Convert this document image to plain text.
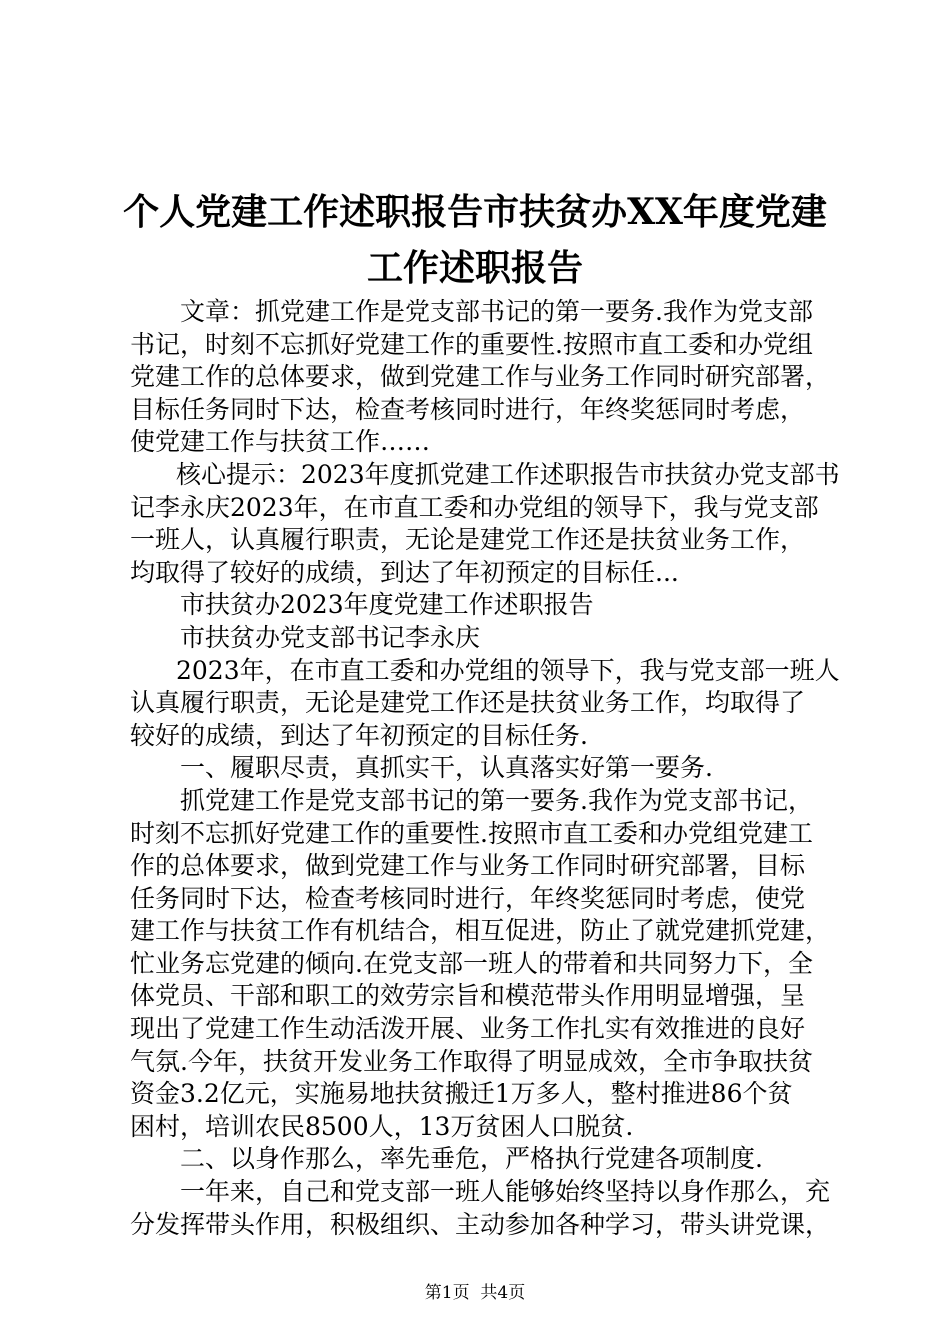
个人党建工作述职报告市扶贫办XX年度党建
工作述职报告
文章：抓党建工作是党支部书记的第一要务.我作为党支部
书记，时刻不忘抓好党建工作的重要性.按照市直工委和办党组
党建工作的总体要求，做到党建工作与业务工作同时研究部署，
目标任务同时下达，检查考核同时进行，年终奖惩同时考虑，
使党建工作与扶贫工作……
核心提示：2023年度抓党建工作述职报告市扶贫办党支部书
记李永庆2023年，在市直工委和办党组的领导下，我与党支部
一班人，认真履行职责，无论是建党工作还是扶贫业务工作，
均取得了较好的成绩，到达了年初预定的目标任...
市扶贫办2023年度党建工作述职报告
市扶贫办党支部书记李永庆
2023年，在市直工委和办党组的领导下，我与党支部一班人
认真履行职责，无论是建党工作还是扶贫业务工作，均取得了
较好的成绩，到达了年初预定的目标任务.
一、履职尽责，真抓实干，认真落实好第一要务.
抓党建工作是党支部书记的第一要务.我作为党支部书记，
时刻不忘抓好党建工作的重要性.按照市直工委和办党组党建工
作的总体要求，做到党建工作与业务工作同时研究部署，目标
任务同时下达，检查考核同时进行，年终奖惩同时考虑，使党
建工作与扶贫工作有机结合，相互促进，防止了就党建抓党建，
忙业务忘党建的倾向.在党支部一班人的带着和共同努力下，全
体党员、干部和职工的效劳宗旨和模范带头作用明显增强，呈
现出了党建工作生动活泼开展、业务工作扎实有效推进的良好
气氛.今年，扶贫开发业务工作取得了明显成效，全市争取扶贫
资金3.2亿元，实施易地扶贫搬迁1万多人，整村推进86个贫
困村，培训农民8500人，13万贫困人口脱贫.
二、以身作那么，率先垂危，严格执行党建各项制度.
一年来，自己和党支部一班人能够始终坚持以身作那么，充
分发挥带头作用，积极组织、主动参加各种学习，带头讲党课，
第1页  共4页
